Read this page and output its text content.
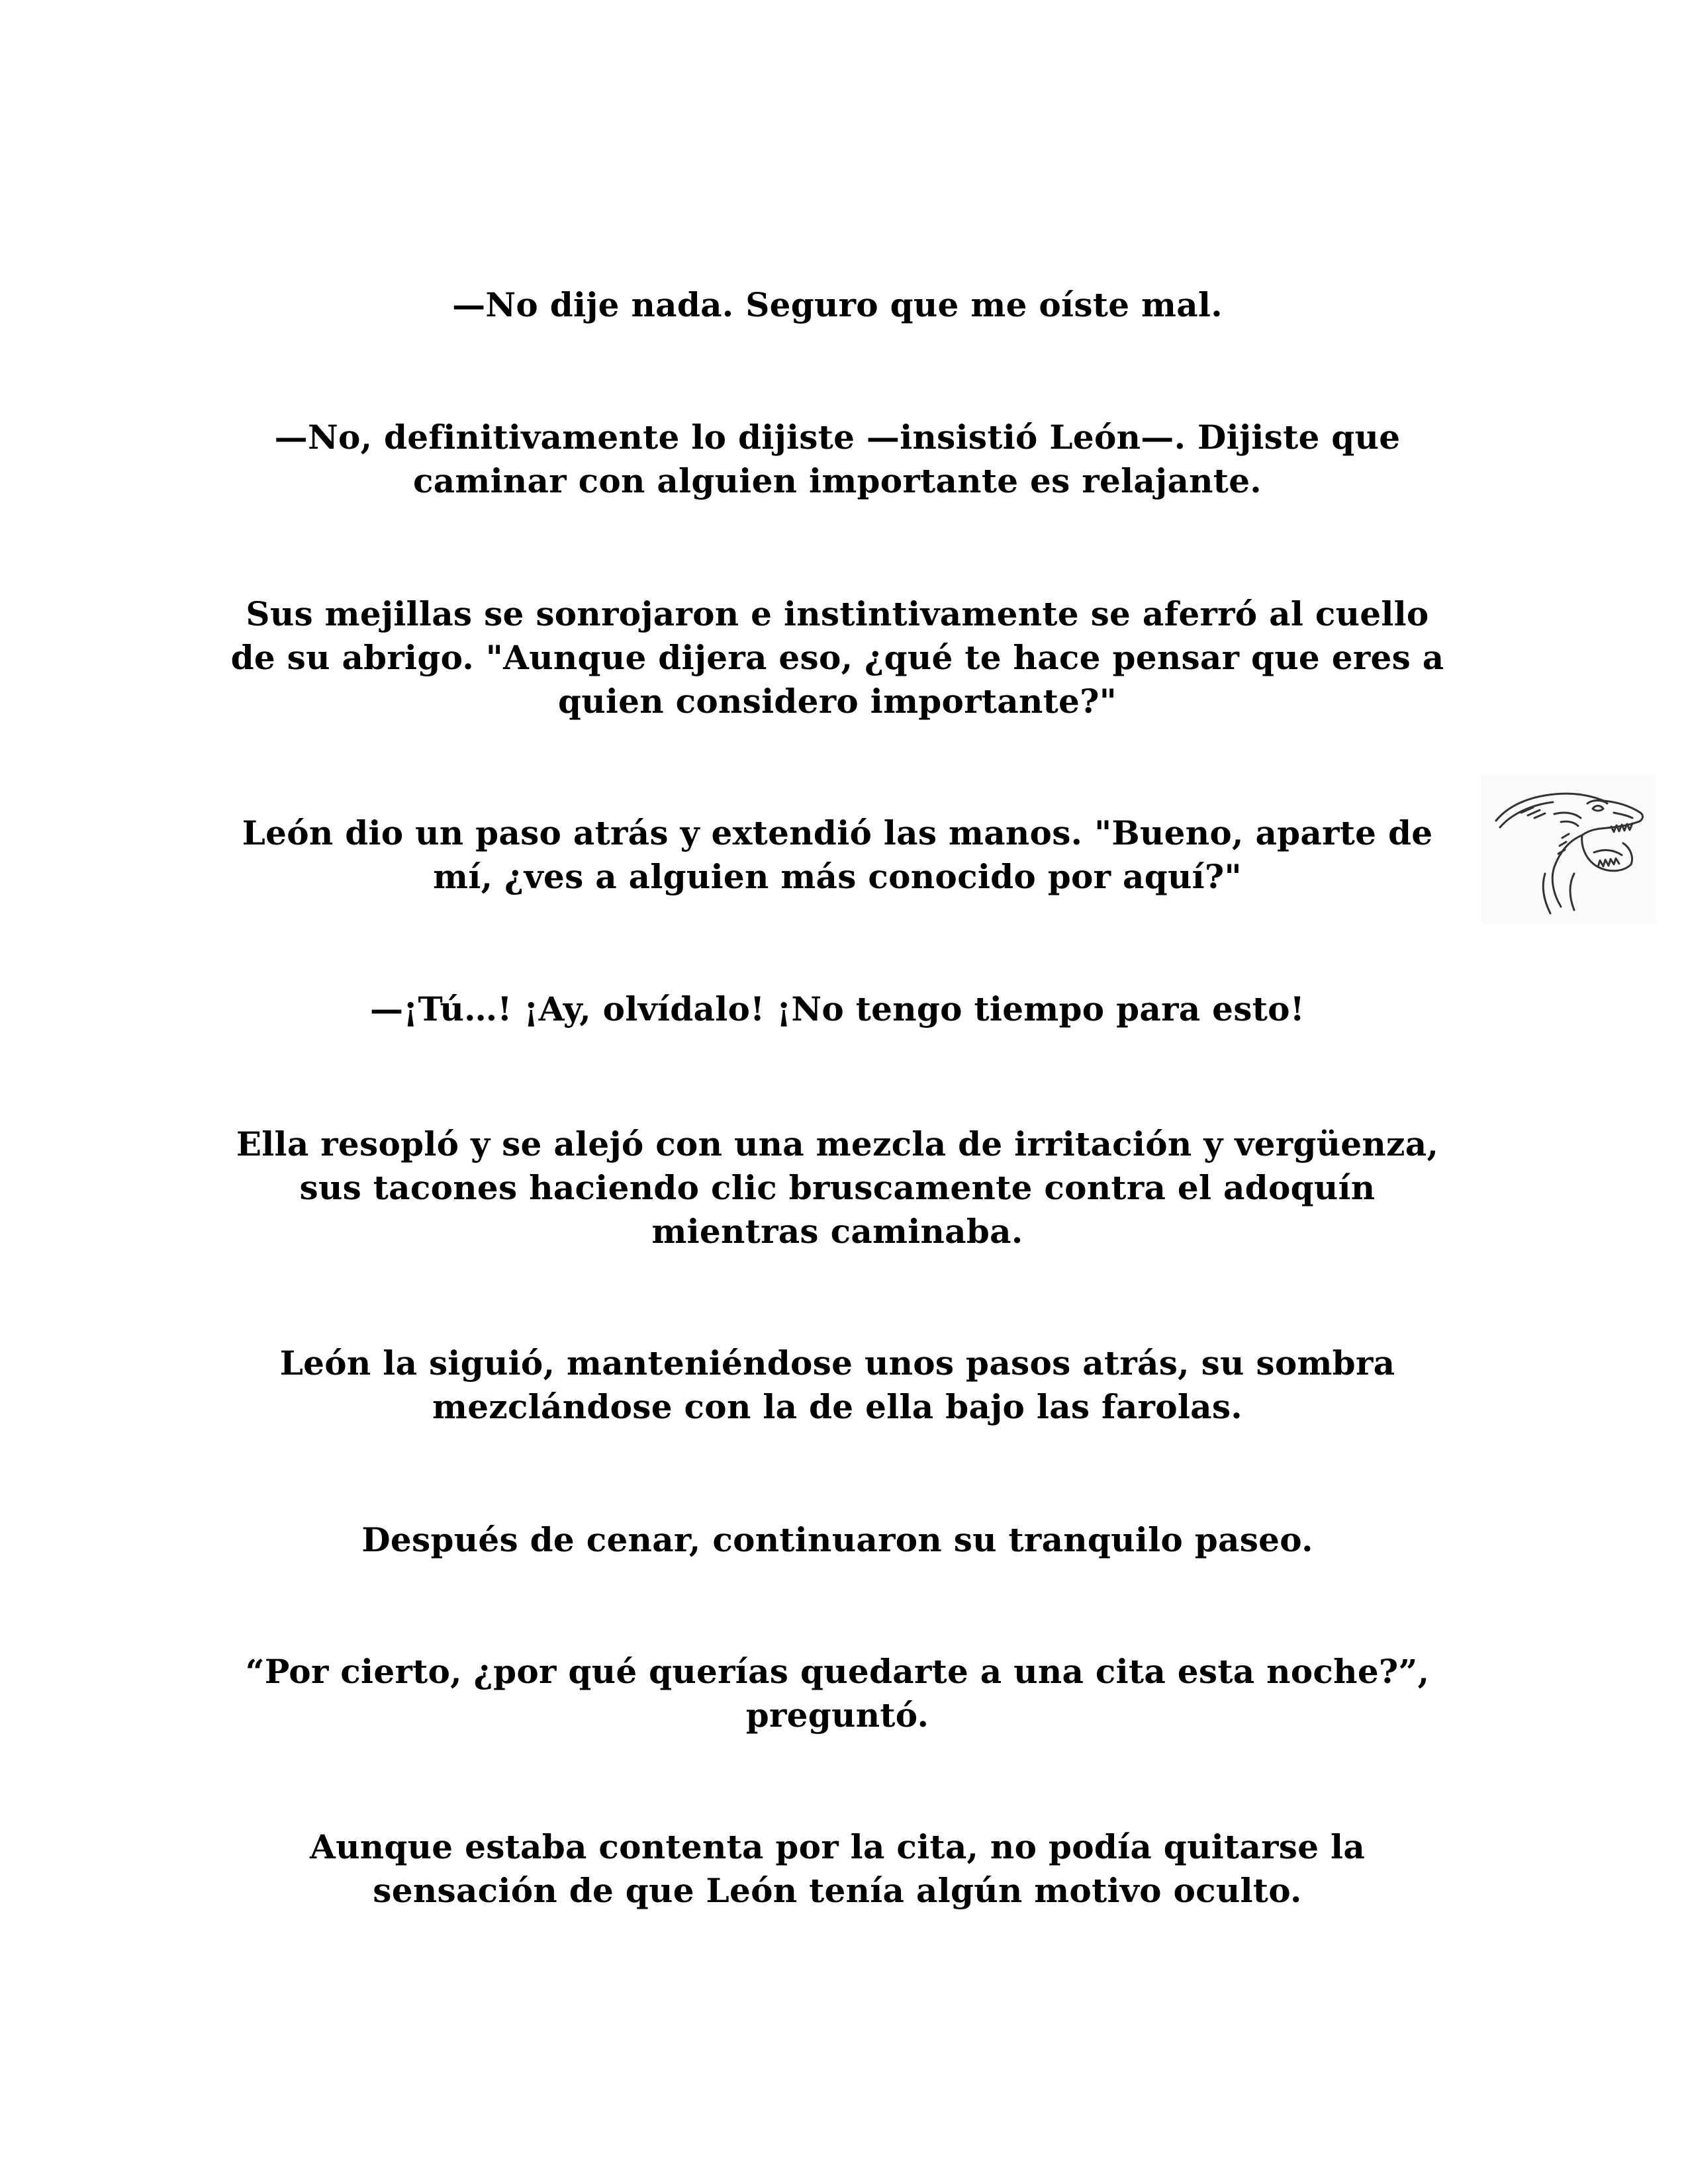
—No dije nada. Seguro que me oíste mal.

—No, definitivamente lo dijiste —insistió León—. Dijiste que caminar con alguien importante es relajante.

Sus mejillas se sonrojaron e instintivamente se aferró al cuello de su abrigo. "Aunque dijera eso, ¿qué te hace pensar que eres a quien considero importante?"

León dio un paso atrás y extendió las manos. "Bueno, aparte de mí, ¿ves a alguien más conocido por aquí?"

—¡Tú…! ¡Ay, olvídalo! ¡No tengo tiempo para esto!

Ella resopló y se alejó con una mezcla de irritación y vergüenza, sus tacones haciendo clic bruscamente contra el adoquín mientras caminaba.

León la siguió, manteniéndose unos pasos atrás, su sombra mezclándose con la de ella bajo las farolas.

Después de cenar, continuaron su tranquilo paseo.

“Por cierto, ¿por qué querías quedarte a una cita esta noche?”, preguntó.

Aunque estaba contenta por la cita, no podía quitarse la sensación de que León tenía algún motivo oculto.
